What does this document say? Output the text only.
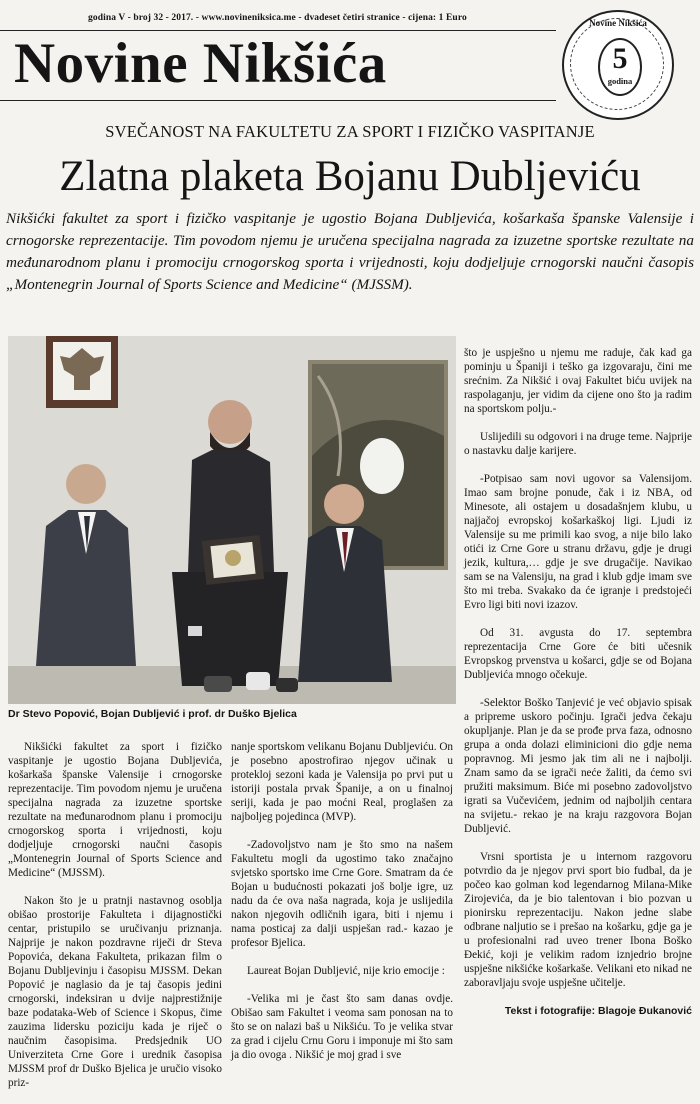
godina V - broj 32 - 2017. - www.novineniksica.me - dvadeset četiri stranice - cijena: 1 Euro
Novine Nikšića
Novine Nikšića
5
godina
SVEČANOST NA FAKULTETU ZA SPORT I FIZIČKO VASPITANJE
Zlatna plaketa Bojanu Dubljeviću

Nikšićki fakultet za sport i fizičko vaspitanje je ugostio Bojana Dubljevića, košarkaša španske Valensije i crnogorske reprezentacije. Tim povodom njemu je uručena specijalna nagrada za izuzetne sportske rezultate na međunarodnom planu i promociju crnogorskog sporta i vrijednosti, koju dodjeljuje crnogorski naučni časopis „Montenegrin Journal of Sports Science and Medicine“ (MJSSM).

Dr Stevo Popović, Bojan Dubljević i prof. dr Duško Bjelica

Nikšićki fakultet za sport i fizičko vaspitanje je ugostio Bojana Dubljevića, košarkaša španske Valensije i crnogorske reprezentacije. Tim povodom njemu je uručena specijalna nagrada za izuzetne sportske rezultate na međunarodnom planu i promociju crnogorskog sporta i vrijednosti, koju dodjeljuje crnogorski naučni časopis „Montenegrin Journal of Sports Science and Medicine“ (MJSSM).

Nakon što je u pratnji nastavnog osoblja obišao prostorije Fakulteta i dijagnostički centar, pristupilo se uručivanju priznanja. Najprije je nakon pozdravne riječi dr Steva Popovića, dekana Fakulteta, prikazan film o Bojanu Dubljevinju i časopisu MJSSM. Dekan Popović je naglasio da je taj časopis jedini crnogorski, indeksiran u dvije najprestižnije baze podataka-Web of Science i Skopus, čime zauzima lidersku poziciju kada je riječ o naučnim časopisima. Predsjednik UO Univerziteta Crne Gore i urednik časopisa MJSSM prof dr Duško Bjelica je uručio visoko priz-

nanje sportskom velikanu Bojanu Dubljeviću. On je posebno apostrofirao njegov učinak u proteklој sezoni kada je Valensija po prvi put u istoriji postala prvak Španije, a on u finalnoj seriji, kada je pao moćni Real, proglašen za najboljeg pojedinca (MVP).

-Zadovoljstvo nam je što smo na našem Fakultetu mogli da ugostimo tako značajno svjetsko sportsko ime Crne Gore. Smatram da će Bojan u budućnosti pokazati još bolje igre, uz nadu da će ova naša nagrada, koja je uslijedila nakon njegovih odličnih igara, biti i njemu i nama posticaj za dalji uspješan rad.- kazao je profesor Bjelica.

Laureat Bojan Dubljević, nije krio emocije :

-Velika mi je čast što sam danas ovdje. Obišao sam Fakultet i veoma sam ponosan na to što se on nalazi baš u Nikšiću. To je velika stvar za grad i cijelu Crnu Goru i imponuje mi što sam ja dio ovoga . Nikšić je moj grad i sve

što je uspješno u njemu me raduje, čak kad ga pominju u Španiji i teško ga izgovaraju, čini me srećnim. Za Nikšić i ovaj Fakultet biću uvijek na raspolaganju, jer vidim da cijene ono što ja radim na sportskom polju.-

Uslijedili su odgovori i na druge teme. Najprije o nastavku dalje karijere.

-Potpisao sam novi ugovor sa Valensijom. Imao sam brojne ponude, čak i iz NBA, od Minesote, ali ostajem u dosadašnjem klubu, u najjačoj evropskoj košarkaškoj ligi. Ljudi iz Valensije su me primili kao svog, a nije bilo lako otići iz Crne Gore u stranu državu, gdje je drugi jezik, kultura,… gdje je sve drugačije. Navikao sam se na Valensiju, na grad i klub gdje imam sve što mi treba. Svakako da će igranje i predstojeći Evro ligi biti novi izazov.

Od 31. avgusta do 17. septembra reprezentacija Crne Gore će biti učesnik Evropskog prvenstva u košarci, gdje se od Bojana Dubljevića mnogo očekuje.

-Selektor Boško Tanjević je već objavio spisak a pripreme uskoro počinju. Igrači jedva čekaju okupljanje. Plan je da se prođe prva faza, odnosno grupa a onda dolazi eliminicioni dio gdje nema popravnog. Mi jesmo jak tim ali ne i najbolji. Znam samo da se igrači neće žaliti, da ćemo svi pružiti maksimum. Biće mi posebno zadovoljstvo igrati sa Vučevićem, jednim od najboljih centara na svijetu.- rekao je na kraju razgovora Bojan Dubljević.

Vrsni sportista je u internom razgovoru potvrdio da je njegov prvi sport bio fudbal, da je počeo kao golman kod legendarnog Milana-Mike Zirojevića, da je bio talentovan i bio pozvan u pionirsku reprezentaciju. Nakon jedne slabe odbrane naljutio se i prešao na košarku, gdje ga je u profesionalni rad uveo trener Ibona Boško Đekić, koji je velikim radom iznjedrio brojne uspješne nikšićke košarkaše. Velikani eto nikad ne zaboravljaju svoje uspješne učitelje.

Tekst i fotografije: Blagoje Đukanović
